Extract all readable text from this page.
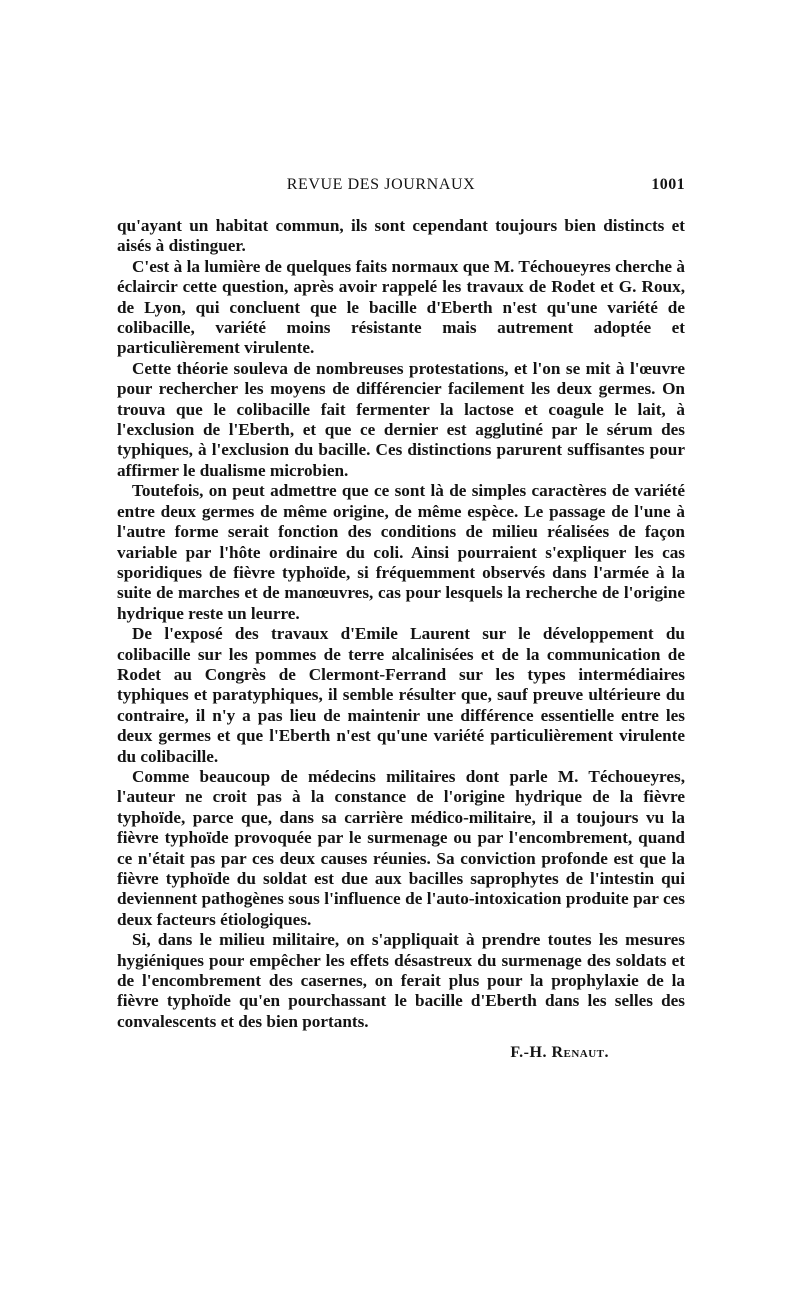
REVUE DES JOURNAUX	1001

qu'ayant un habitat commun, ils sont cependant toujours bien distincts et aisés à distinguer.

C'est à la lumière de quelques faits normaux que M. Téchoueyres cherche à éclaircir cette question, après avoir rappelé les travaux de Rodet et G. Roux, de Lyon, qui concluent que le bacille d'Eberth n'est qu'une variété de colibacille, variété moins résistante mais autrement adoptée et particulièrement virulente.

Cette théorie souleva de nombreuses protestations, et l'on se mit à l'œuvre pour rechercher les moyens de différencier facilement les deux germes. On trouva que le colibacille fait fermenter la lactose et coagule le lait, à l'exclusion de l'Eberth, et que ce dernier est agglutiné par le sérum des typhiques, à l'exclusion du bacille. Ces distinctions parurent suffisantes pour affirmer le dualisme microbien.

Toutefois, on peut admettre que ce sont là de simples caractères de variété entre deux germes de même origine, de même espèce. Le passage de l'une à l'autre forme serait fonction des conditions de milieu réalisées de façon variable par l'hôte ordinaire du coli. Ainsi pourraient s'expliquer les cas sporidiques de fièvre typhoïde, si fréquemment observés dans l'armée à la suite de marches et de manœuvres, cas pour lesquels la recherche de l'origine hydrique reste un leurre.

De l'exposé des travaux d'Emile Laurent sur le développement du colibacille sur les pommes de terre alcalinisées et de la communication de Rodet au Congrès de Clermont-Ferrand sur les types intermédiaires typhiques et paratyphiques, il semble résulter que, sauf preuve ultérieure du contraire, il n'y a pas lieu de maintenir une différence essentielle entre les deux germes et que l'Eberth n'est qu'une variété particulièrement virulente du colibacille.

Comme beaucoup de médecins militaires dont parle M. Téchoueyres, l'auteur ne croit pas à la constance de l'origine hydrique de la fièvre typhoïde, parce que, dans sa carrière médico-militaire, il a toujours vu la fièvre typhoïde provoquée par le surmenage ou par l'encombrement, quand ce n'était pas par ces deux causes réunies. Sa conviction profonde est que la fièvre typhoïde du soldat est due aux bacilles saprophytes de l'intestin qui deviennent pathogènes sous l'influence de l'auto-intoxication produite par ces deux facteurs étiologiques.

Si, dans le milieu militaire, on s'appliquait à prendre toutes les mesures hygiéniques pour empêcher les effets désastreux du surmenage des soldats et de l'encombrement des casernes, on ferait plus pour la prophylaxie de la fièvre typhoïde qu'en pourchassant le bacille d'Eberth dans les selles des convalescents et des bien portants.

F.-H. Renaut.
